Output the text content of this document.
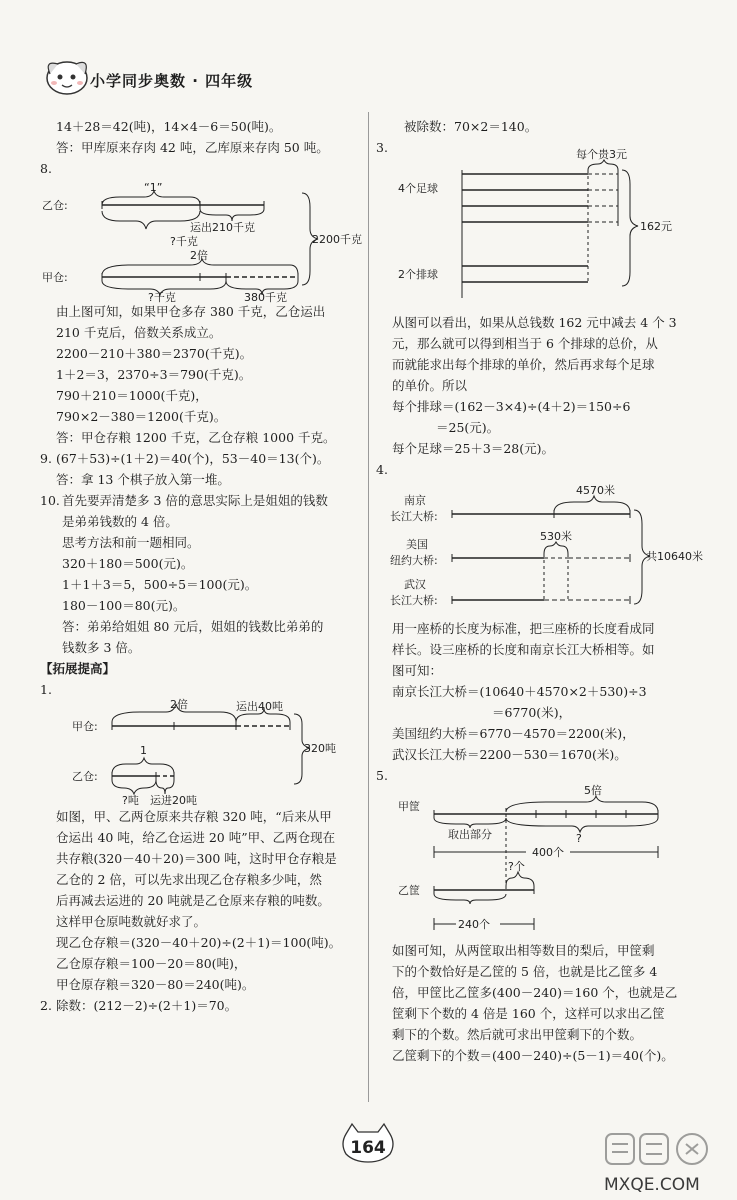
小学同步奥数 · 四年级

14＋28＝42(吨)，14×4－6＝50(吨)。

答：甲库原来存肉 42 吨，乙库原来存肉 50 吨。

8.

“1”
乙仓:
运出210千克
?千克
2倍
甲仓:
?千克	380千克
2200千克

由上图可知，如果甲仓多存 380 千克，乙仓运出

210 千克后，倍数关系成立。

2200－210＋380＝2370(千克)。

1＋2＝3，2370÷3＝790(千克)。

790＋210＝1000(千克)，

790×2－380＝1200(千克)。

答：甲仓存粮 1200 千克，乙仓存粮 1000 千克。

9. (67＋53)÷(1＋2)＝40(个)，53－40＝13(个)。

答：拿 13 个棋子放入第一堆。

10. 首先要弄清楚多 3 倍的意思实际上是姐姐的钱数

是弟弟钱数的 4 倍。

思考方法和前一题相同。

320＋180＝500(元)。

1＋1＋3＝5，500÷5＝100(元)。

180－100＝80(元)。

答：弟弟给姐姐 80 元后，姐姐的钱数比弟弟的

钱数多 3 倍。

【拓展提高】

1.

2倍	运出40吨
甲仓:
1
乙仓:
?吨 运进20吨
320吨

如图，甲、乙两仓原来共存粮 320 吨，“后来从甲

仓运出 40 吨，给乙仓运进 20 吨”甲、乙两仓现在

共存粮(320－40＋20)＝300 吨，这时甲仓存粮是

乙仓的 2 倍，可以先求出现乙仓存粮多少吨，然

后再减去运进的 20 吨就是乙仓原来存粮的吨数。

这样甲仓原吨数就好求了。

现乙仓存粮＝(320－40＋20)÷(2＋1)＝100(吨)。

乙仓原存粮＝100－20＝80(吨)，

甲仓原存粮＝320－80＝240(吨)。

2. 除数：(212－2)÷(2＋1)＝70。

被除数：70×2＝140。

3.	每个贵3元
4个足球
2个排球
162元

从图可以看出，如果从总钱数 162 元中减去 4 个 3

元，那么就可以得到相当于 6 个排球的总价，从

而就能求出每个排球的单价，然后再求每个足球

的单价。所以

每个排球＝(162－3×4)÷(4＋2)＝150÷6

＝25(元)。

每个足球＝25＋3＝28(元)。

4.

4570米
南京
长江大桥:
530米
美国
纽约大桥:
武汉
长江大桥:
共10640米

用一座桥的长度为标准，把三座桥的长度看成同

样长。设三座桥的长度和南京长江大桥相等。如

图可知：

南京长江大桥＝(10640＋4570×2＋530)÷3

＝6770(米)，

美国纽约大桥＝6770－4570＝2200(米)，

武汉长江大桥＝2200－530＝1670(米)。

5.

5倍
甲筐
取出部分	?
400个
?个
乙筐
240个

如图可知，从两筐取出相等数目的梨后，甲筐剩

下的个数恰好是乙筐的 5 倍，也就是比乙筐多 4

倍，甲筐比乙筐多(400－240)＝160 个，也就是乙

筐剩下个数的 4 倍是 160 个，这样可以求出乙筐

剩下的个数。然后就可求出甲筐剩下的个数。

乙筐剩下的个数＝(400－240)÷(5－1)＝40(个)。

164
MXQE.COM
